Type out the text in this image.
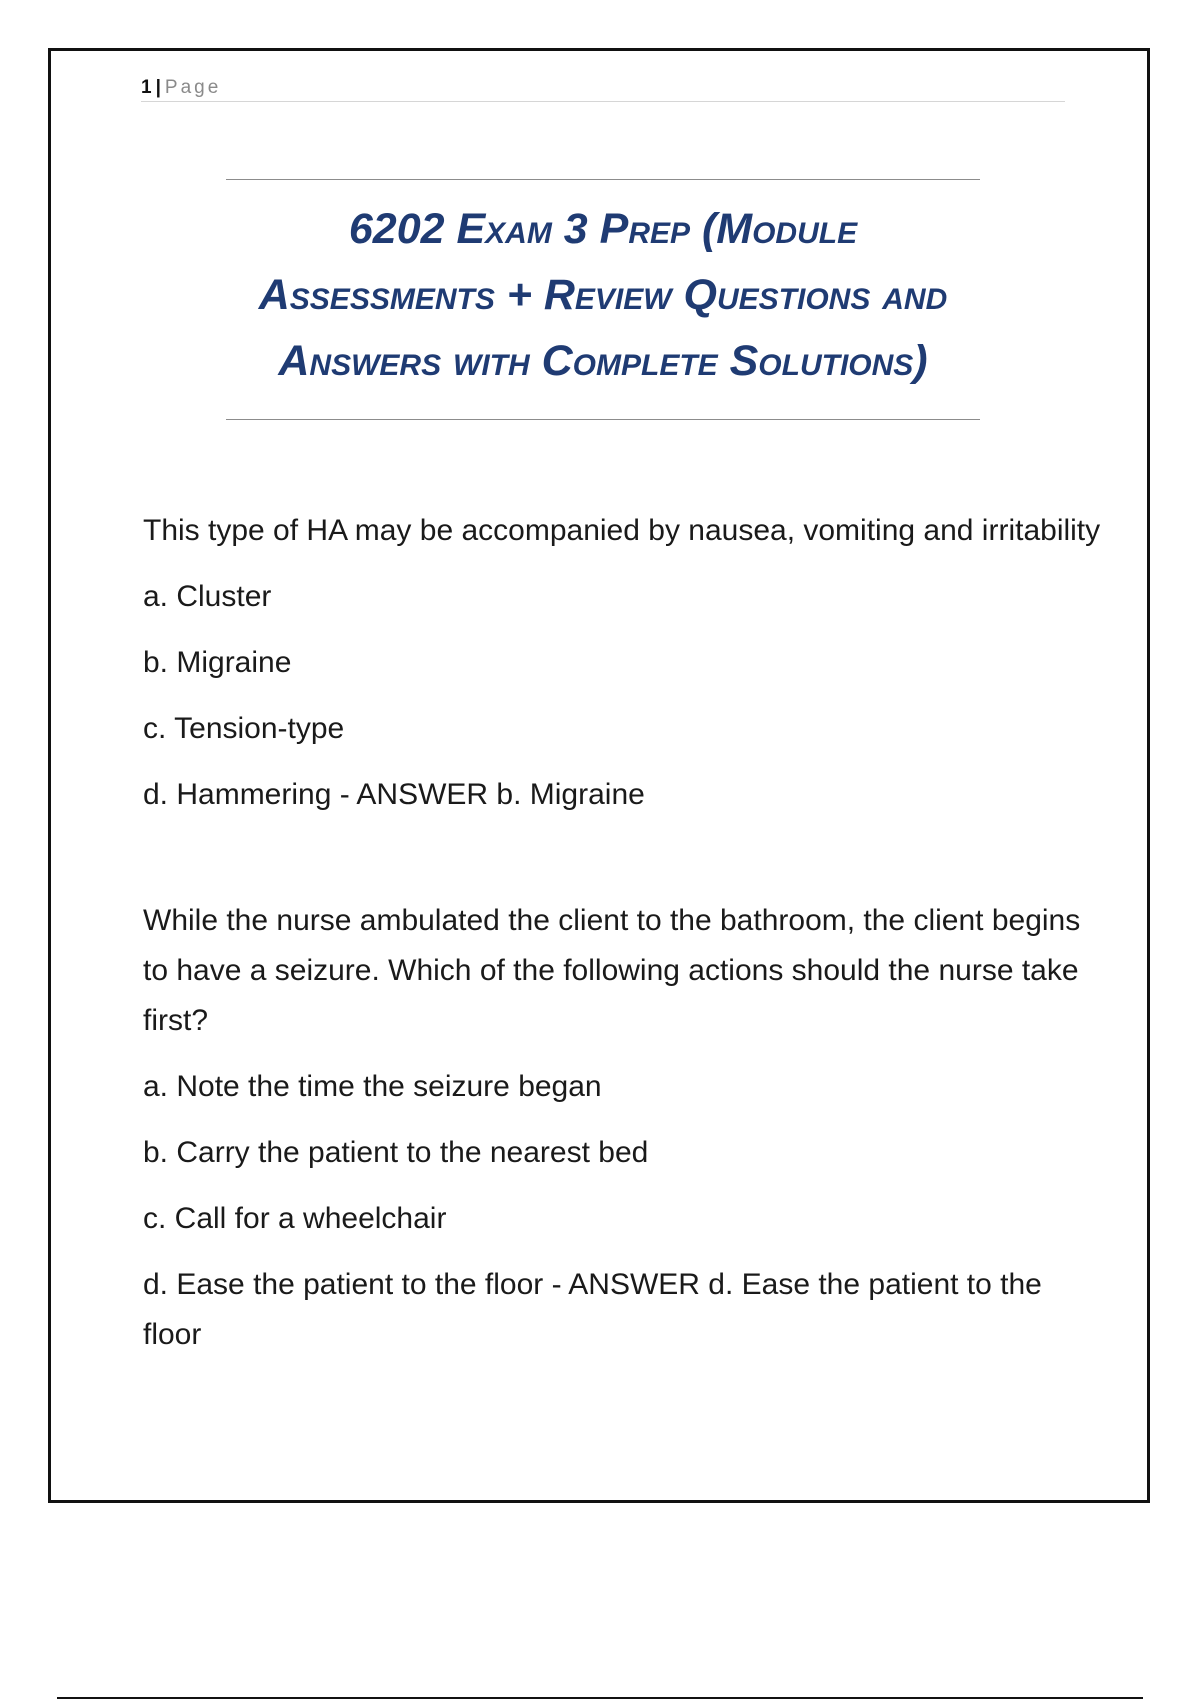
1 | Page
6202 Exam 3 Prep (Module
Assessments + Review Questions and
Answers with Complete Solutions)

This type of HA may be accompanied by nausea, vomiting and irritability

a. Cluster

b. Migraine

c. Tension-type

d. Hammering - ANSWER b. Migraine

While the nurse ambulated the client to the bathroom, the client begins to have a seizure. Which of the following actions should the nurse take first?

a. Note the time the seizure began

b. Carry the patient to the nearest bed

c. Call for a wheelchair

d. Ease the patient to the floor - ANSWER d. Ease the patient to the floor
